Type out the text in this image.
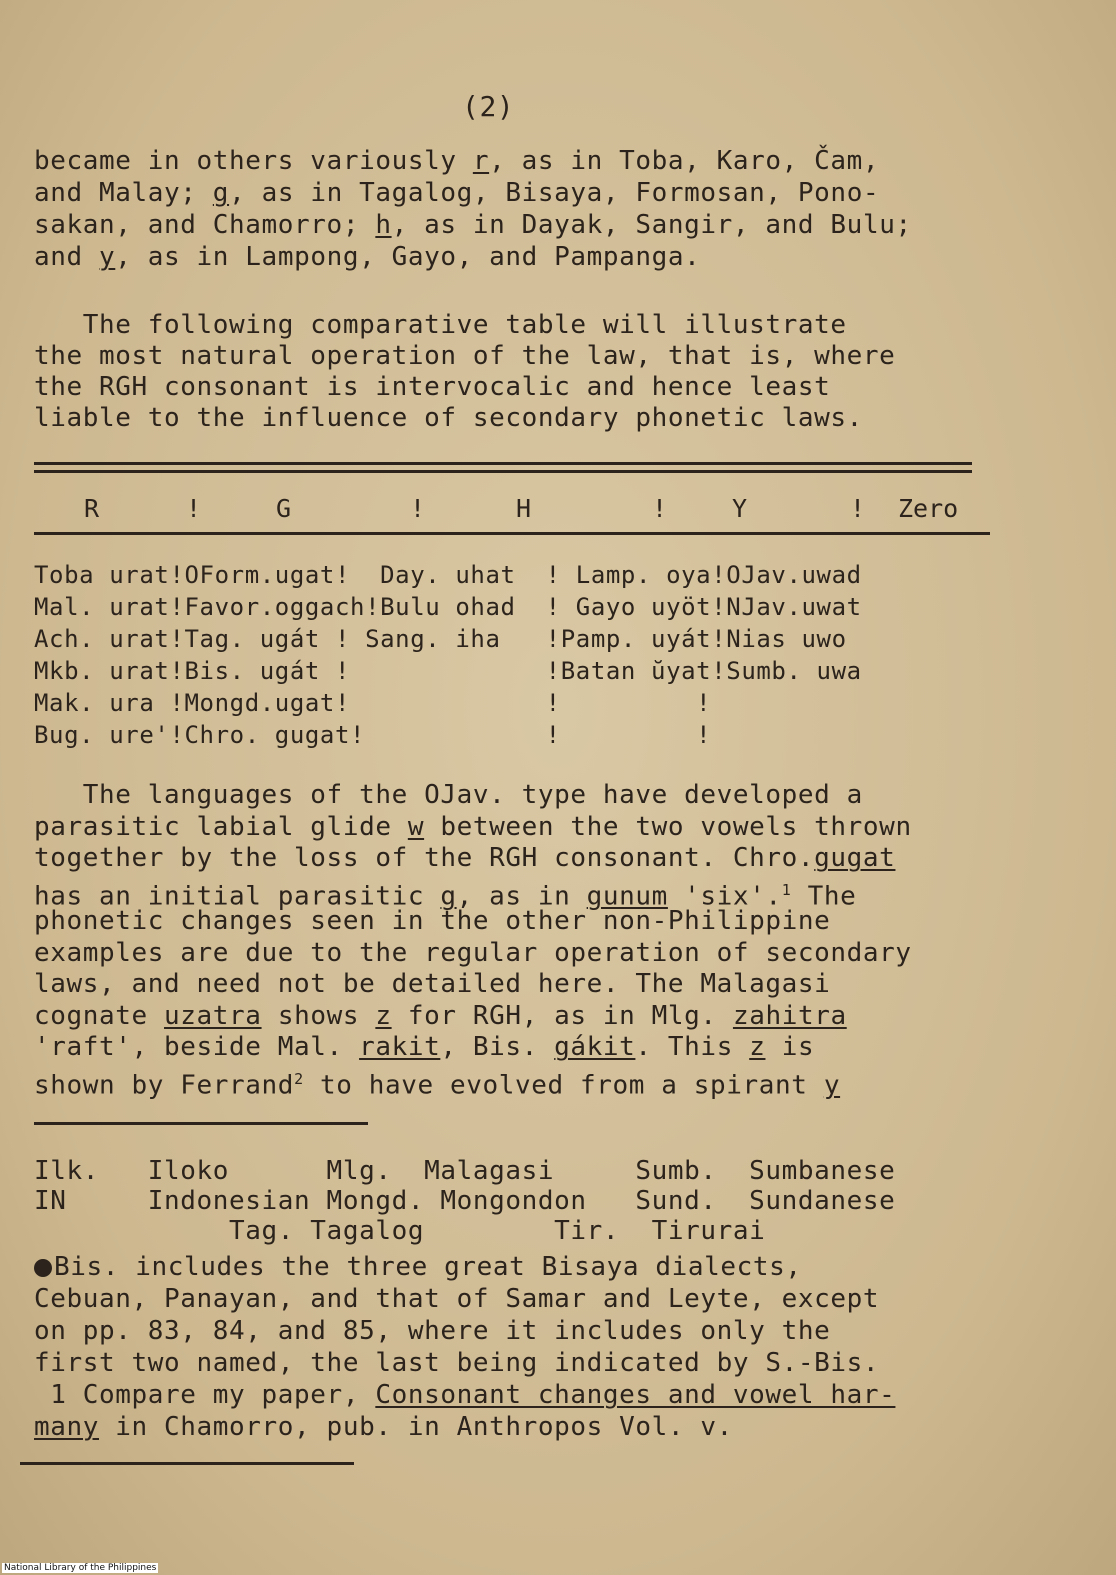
(2)
became in others variously r, as in Toba, Karo, Čam,
and Malay; g, as in Tagalog, Bisaya, Formosan, Pono-
sakan, and Chamorro; h, as in Dayak, Sangir, and Bulu;
and y, as in Lampong, Gayo, and Pampanga.
The following comparative table will illustrate
the most natural operation of the law, that is, where
the RGH consonant is intervocalic and hence least
liable to the influence of secondary phonetic laws.
R	!	G	!	H	!	Y	! Zero
Toba urat!OForm.ugat!  Day. uhat  ! Lamp. oya!OJav.uwad
Mal. urat!Favor.oggach!Bulu ohad  ! Gayo uyöt!NJav.uwat
Ach. urat!Tag. ugát ! Sang. iha   !Pamp. uyát!Nias uwo
Mkb. urat!Bis. ugát !             !Batan ŭyat!Sumb. uwa
Mak. ura !Mongd.ugat!             !         !
Bug. ure'!Chro. gugat!            !         !
The languages of the OJav. type have developed a
parasitic labial glide w between the two vowels thrown
together by the loss of the RGH consonant. Chro.gugat
has an initial parasitic g, as in gunum 'six'.$^1$ The
phonetic changes seen in the other non-Philippine
examples are due to the regular operation of secondary
laws, and need not be detailed here. The Malagasi
cognate uzatra shows z for RGH, as in Mlg. zahitra
'raft', beside Mal. rakit, Bis. gákit. This z is
shown by Ferrand$^2$ to have evolved from a spirant y
Ilk.   Iloko      Mlg.  Malagasi     Sumb.  Sumbanese
IN     Indonesian Mongd. Mongondon   Sund.  Sundanese
Tag. Tagalog        Tir.  Tirurai
Bis. includes the three great Bisaya dialects,
Cebuan, Panayan, and that of Samar and Leyte, except
on pp. 83, 84, and 85, where it includes only the
first two named, the last being indicated by S.-Bis.
1 Compare my paper, Consonant changes and vowel har-
many in Chamorro, pub. in Anthropos Vol. v.
National Library of the Philippines
